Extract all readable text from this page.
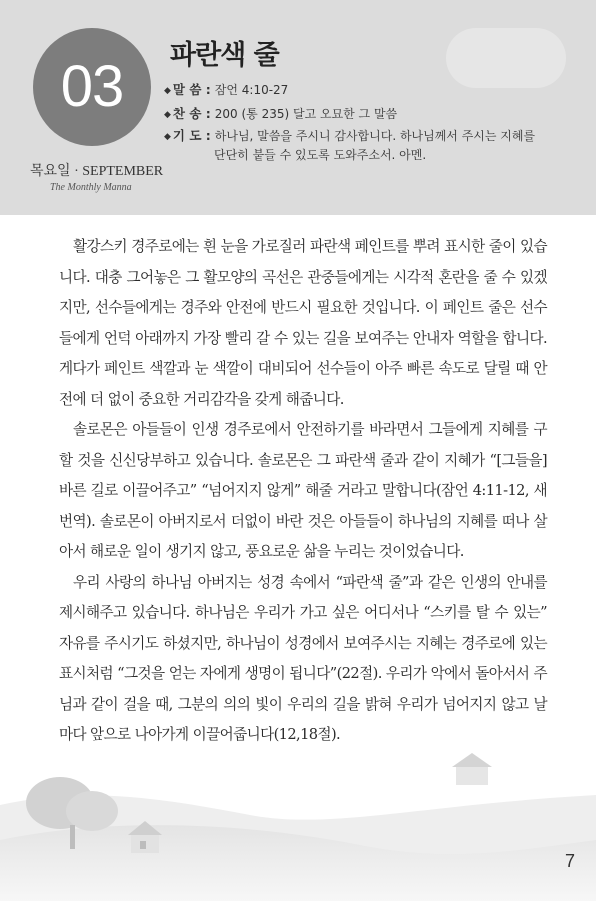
03
목요일 · SEPTEMBER
The Monthly Manna
파란색 줄
◆ 말 씀 : 잠언 4:10-27
◆ 찬 송 : 200 (통 235) 달고 오묘한 그 말씀
◆ 기 도 : 하나님, 말씀을 주시니 감사합니다. 하나님께서 주시는 지혜를
단단히 붙들 수 있도록 도와주소서. 아멘.

활강스키 경주로에는 흰 눈을 가로질러 파란색 페인트를 뿌려 표시한 줄이 있습니다. 대충 그어놓은 그 활모양의 곡선은 관중들에게는 시각적 혼란을 줄 수 있겠지만, 선수들에게는 경주와 안전에 반드시 필요한 것입니다. 이 페인트 줄은 선수들에게 언덕 아래까지 가장 빨리 갈 수 있는 길을 보여주는 안내자 역할을 합니다. 게다가 페인트 색깔과 눈 색깔이 대비되어 선수들이 아주 빠른 속도로 달릴 때 안전에 더 없이 중요한 거리감각을 갖게 해줍니다.

솔로몬은 아들들이 인생 경주로에서 안전하기를 바라면서 그들에게 지혜를 구할 것을 신신당부하고 있습니다. 솔로몬은 그 파란색 줄과 같이 지혜가 “[그들을] 바른 길로 이끌어주고” “넘어지지 않게” 해줄 거라고 말합니다(잠언 4:11-12, 새번역). 솔로몬이 아버지로서 더없이 바란 것은 아들들이 하나님의 지혜를 떠나 살아서 해로운 일이 생기지 않고, 풍요로운 삶을 누리는 것이었습니다.

우리 사랑의 하나님 아버지는 성경 속에서 “파란색 줄”과 같은 인생의 안내를 제시해주고 있습니다. 하나님은 우리가 가고 싶은 어디서나 “스키를 탈 수 있는” 자유를 주시기도 하셨지만, 하나님이 성경에서 보여주시는 지혜는 경주로에 있는 표시처럼 “그것을 얻는 자에게 생명이 됩니다”(22절). 우리가 악에서 돌아서서 주님과 같이 걸을 때, 그분의 의의 빛이 우리의 길을 밝혀 우리가 넘어지지 않고 날마다 앞으로 나아가게 이끌어줍니다(12,18절).

7
